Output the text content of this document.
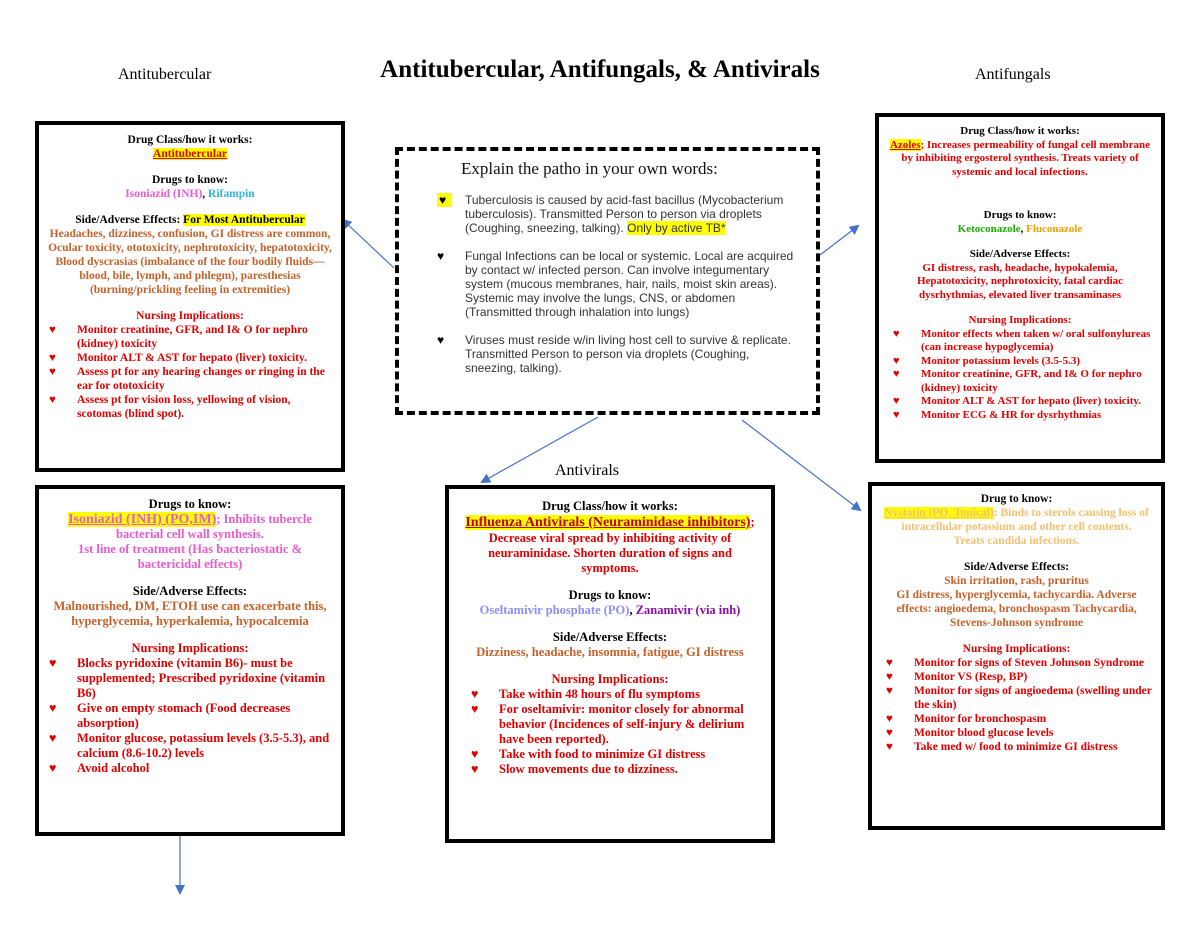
Antitubercular, Antifungals, & Antivirals
Antitubercular	Antifungals
Antivirals
Drug Class/how it works:
Antitubercular
Drugs to know:
Isoniazid (INH), Rifampin
Side/Adverse Effects: For Most Antitubercular
Headaches, dizziness, confusion, GI distress are common, Ocular toxicity, ototoxicity, nephrotoxicity, hepatotoxicity, Blood dyscrasias (imbalance of the four bodily fluids—blood, bile, lymph, and phlegm), paresthesias (burning/prickling feeling in extremities)
Nursing Implications:
♥ Monitor creatinine, GFR, and I& O for nephro (kidney) toxicity
♥ Monitor ALT & AST for hepato (liver) toxicity.
♥ Assess pt for any hearing changes or ringing in the ear for ototoxicity
♥ Assess pt for vision loss, yellowing of vision, scotomas (blind spot).
Drugs to know:
Isoniazid (INH) (PO,IM); Inhibits tubercle bacterial cell wall synthesis.
1st line of treatment (Has bacteriostatic & bactericidal effects)
Side/Adverse Effects:
Malnourished, DM, ETOH use can exacerbate this, hyperglycemia, hyperkalemia, hypocalcemia
Nursing Implications:
♥ Blocks pyridoxine (vitamin B6)- must be supplemented; Prescribed pyridoxine (vitamin B6)
♥ Give on empty stomach (Food decreases absorption)
♥ Monitor glucose, potassium levels (3.5-5.3), and calcium (8.6-10.2) levels
♥ Avoid alcohol
Explain the patho in your own words:
♥	Tuberculosis is caused by acid-fast bacillus (Mycobacterium tuberculosis). Transmitted Person to person via droplets (Coughing, sneezing, talking). Only by active TB*
♥ Fungal Infections can be local or systemic. Local are acquired by contact w/ infected person. Can involve integumentary system (mucous membranes, hair, nails, moist skin areas). Systemic may involve the lungs, CNS, or abdomen (Transmitted through inhalation into lungs)
♥ Viruses must reside w/in living host cell to survive & replicate. Transmitted Person to person via droplets (Coughing, sneezing, talking).
Drug Class/how it works:
Influenza Antivirals (Neuraminidase inhibitors); Decrease viral spread by inhibiting activity of neuraminidase. Shorten duration of signs and symptoms.
Drugs to know:
Oseltamivir phosphate (PO), Zanamivir (via inh)
Side/Adverse Effects:
Dizziness, headache, insomnia, fatigue, GI distress
Nursing Implications:
♥ Take within 48 hours of flu symptoms
♥ For oseltamivir: monitor closely for abnormal behavior (Incidences of self-injury & delirium have been reported).
♥ Take with food to minimize GI distress
♥ Slow movements due to dizziness.
Drug Class/how it works:
Azoles; Increases permeability of fungal cell membrane by inhibiting ergosterol synthesis. Treats variety of systemic and local infections.
Drugs to know:
Ketoconazole, Fluconazole
Side/Adverse Effects:
GI distress, rash, headache, hypokalemia, Hepatotoxicity, nephrotoxicity, fatal cardiac dysrhythmias, elevated liver transaminases
Nursing Implications:
♥ Monitor effects when taken w/ oral sulfonylureas (can increase hypoglycemia)
♥ Monitor potassium levels (3.5-5.3)
♥ Monitor creatinine, GFR, and I& O for nephro (kidney) toxicity
♥ Monitor ALT & AST for hepato (liver) toxicity.
♥ Monitor ECG & HR for dysrhythmias
Drug to know:
Nystatin (PO, Topical): Binds to sterols causing loss of intracellular potassium and other cell contents.
Treats candida infections.
Side/Adverse Effects:
Skin irritation, rash, pruritus
GI distress, hyperglycemia, tachycardia. Adverse effects: angioedema, bronchospasm Tachycardia, Stevens-Johnson syndrome
Nursing Implications:
♥ Monitor for signs of Steven Johnson Syndrome
♥ Monitor VS (Resp, BP)
♥ Monitor for signs of angioedema (swelling under the skin)
♥ Monitor for bronchospasm
♥ Monitor blood glucose levels
♥ Take med w/ food to minimize GI distress
